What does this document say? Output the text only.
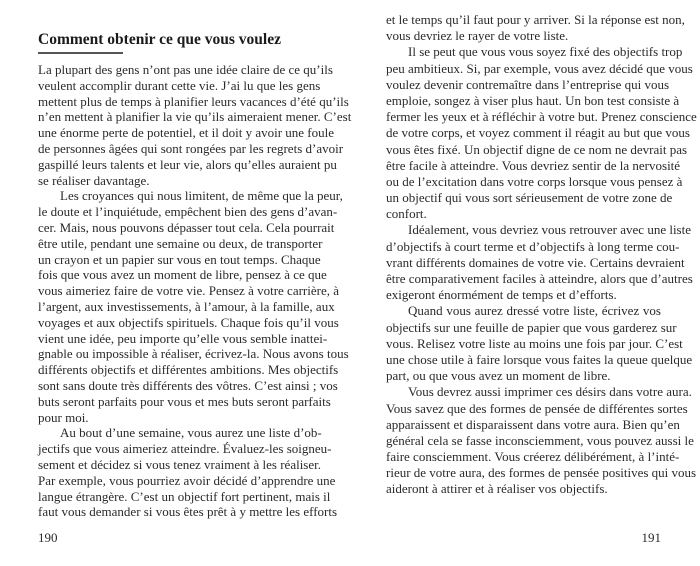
Comment obtenir ce que vous voulez
La plupart des gens n’ont pas une idée claire de ce qu’ils
veulent accomplir durant cette vie. J’ai lu que les gens
mettent plus de temps à planifier leurs vacances d’été qu’ils
n’en mettent à planifier la vie qu’ils aimeraient mener. C’est
une énorme perte de potentiel, et il doit y avoir une foule
de personnes âgées qui sont rongées par les regrets d’avoir
gaspillé leurs talents et leur vie, alors qu’elles auraient pu
se réaliser davantage.
Les croyances qui nous limitent, de même que la peur,
le doute et l’inquiétude, empêchent bien des gens d’avan-
cer. Mais, nous pouvons dépasser tout cela. Cela pourrait
être utile, pendant une semaine ou deux, de transporter
un crayon et un papier sur vous en tout temps. Chaque
fois que vous avez un moment de libre, pensez à ce que
vous aimeriez faire de votre vie. Pensez à votre carrière, à
l’argent, aux investissements, à l’amour, à la famille, aux
voyages et aux objectifs spirituels. Chaque fois qu’il vous
vient une idée, peu importe qu’elle vous semble inattei-
gnable ou impossible à réaliser, écrivez-la. Nous avons tous
différents objectifs et différentes ambitions. Mes objectifs
sont sans doute très différents des vôtres. C’est ainsi ; vos
buts seront parfaits pour vous et mes buts seront parfaits
pour moi.
Au bout d’une semaine, vous aurez une liste d’ob-
jectifs que vous aimeriez atteindre. Évaluez-les soigneu-
sement et décidez si vous tenez vraiment à les réaliser.
Par exemple, vous pourriez avoir décidé d’apprendre une
langue étrangère. C’est un objectif fort pertinent, mais il
faut vous demander si vous êtes prêt à y mettre les efforts
190
et le temps qu’il faut pour y arriver. Si la réponse est non,
vous devriez le rayer de votre liste.
Il se peut que vous vous soyez fixé des objectifs trop
peu ambitieux. Si, par exemple, vous avez décidé que vous
voulez devenir contremaître dans l’entreprise qui vous
emploie, songez à viser plus haut. Un bon test consiste à
fermer les yeux et à réfléchir à votre but. Prenez conscience
de votre corps, et voyez comment il réagit au but que vous
vous êtes fixé. Un objectif digne de ce nom ne devrait pas
être facile à atteindre. Vous devriez sentir de la nervosité
ou de l’excitation dans votre corps lorsque vous pensez à
un objectif qui vous sort sérieusement de votre zone de
confort.
Idéalement, vous devriez vous retrouver avec une liste
d’objectifs à court terme et d’objectifs à long terme cou-
vrant différents domaines de votre vie. Certains devraient
être comparativement faciles à atteindre, alors que d’autres
exigeront énormément de temps et d’efforts.
Quand vous aurez dressé votre liste, écrivez vos
objectifs sur une feuille de papier que vous garderez sur
vous. Relisez votre liste au moins une fois par jour. C’est
une chose utile à faire lorsque vous faites la queue quelque
part, ou que vous avez un moment de libre.
Vous devrez aussi imprimer ces désirs dans votre aura.
Vous savez que des formes de pensée de différentes sortes
apparaissent et disparaissent dans votre aura. Bien qu’en
général cela se fasse inconsciemment, vous pouvez aussi le
faire consciemment. Vous créerez délibérément, à l’inté-
rieur de votre aura, des formes de pensée positives qui vous
aideront à attirer et à réaliser vos objectifs.
191
